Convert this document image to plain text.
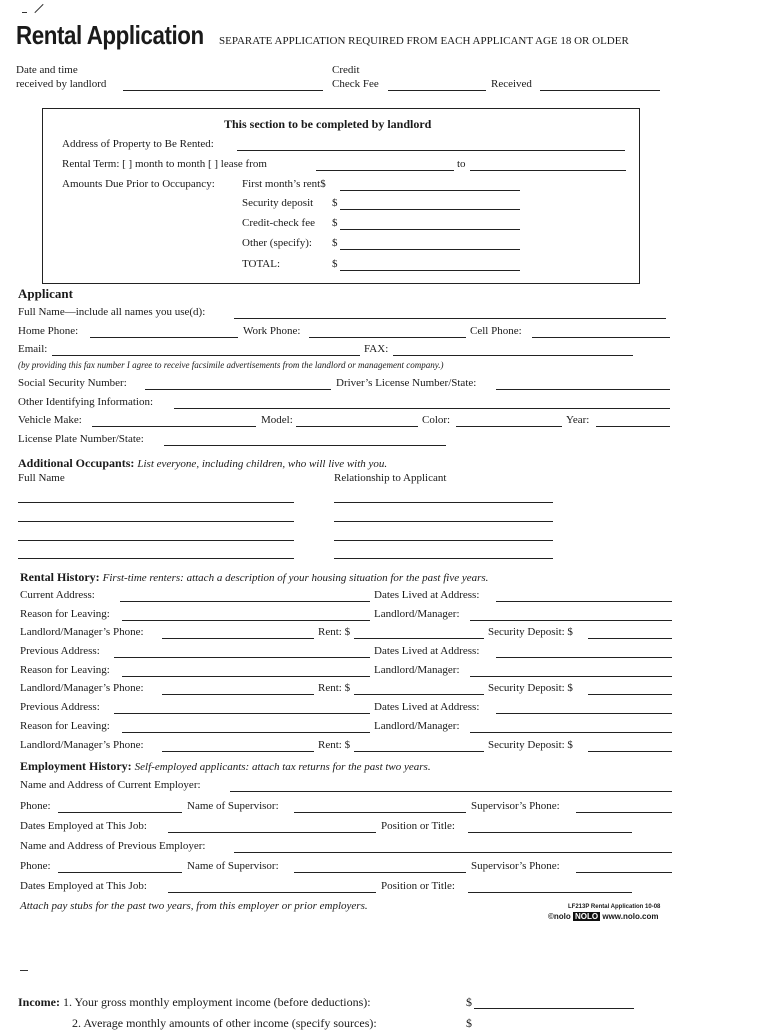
Rental Application SEPARATE APPLICATION REQUIRED FROM EACH APPLICANT AGE 18 OR OLDER
Date and time
received by landlord
Credit
Check Fee	Received
This section to be completed by landlord
Address of Property to Be Rented:
Rental Term: [ ] month to month [ ] lease from	to
Amounts Due Prior to Occupancy: First month’s rent$
Security deposit $
Credit-check fee $
Other (specify): $
TOTAL:	$
Applicant
Full Name—include all names you use(d):
Home Phone:	Work Phone:	Cell Phone:
Email:	FAX:
(by providing this fax number I agree to receive facsimile advertisements from the landlord or management company.)
Social Security Number:	Driver’s License Number/State:
Other Identifying Information:
Vehicle Make:	Model:	Color:	Year:
License Plate Number/State:
Additional Occupants: List everyone, including children, who will live with you.
Full Name	Relationship to Applicant
Rental History: First-time renters: attach a description of your housing situation for the past five years.
Current Address:	Dates Lived at Address:
Reason for Leaving:	Landlord/Manager:
Landlord/Manager’s Phone:	Rent: $	Security Deposit: $
Previous Address:	Dates Lived at Address:
Reason for Leaving:	Landlord/Manager:
Landlord/Manager’s Phone:	Rent: $	Security Deposit: $
Previous Address:	Dates Lived at Address:
Reason for Leaving:	Landlord/Manager:
Landlord/Manager’s Phone:	Rent: $	Security Deposit: $
Employment History: Self-employed applicants: attach tax returns for the past two years.
Name and Address of Current Employer:
Phone:	Name of Supervisor:	Supervisor’s Phone:
Dates Employed at This Job:	Position or Title:
Name and Address of Previous Employer:
Phone:	Name of Supervisor:	Supervisor’s Phone:
Dates Employed at This Job:	Position or Title:
Attach pay stubs for the past two years, from this employer or prior employers.	LF213P Rental Application 10-08
©nolo NOLO www.nolo.com
Income: 1. Your gross monthly employment income (before deductions):	$
2. Average monthly amounts of other income (specify sources):	$
